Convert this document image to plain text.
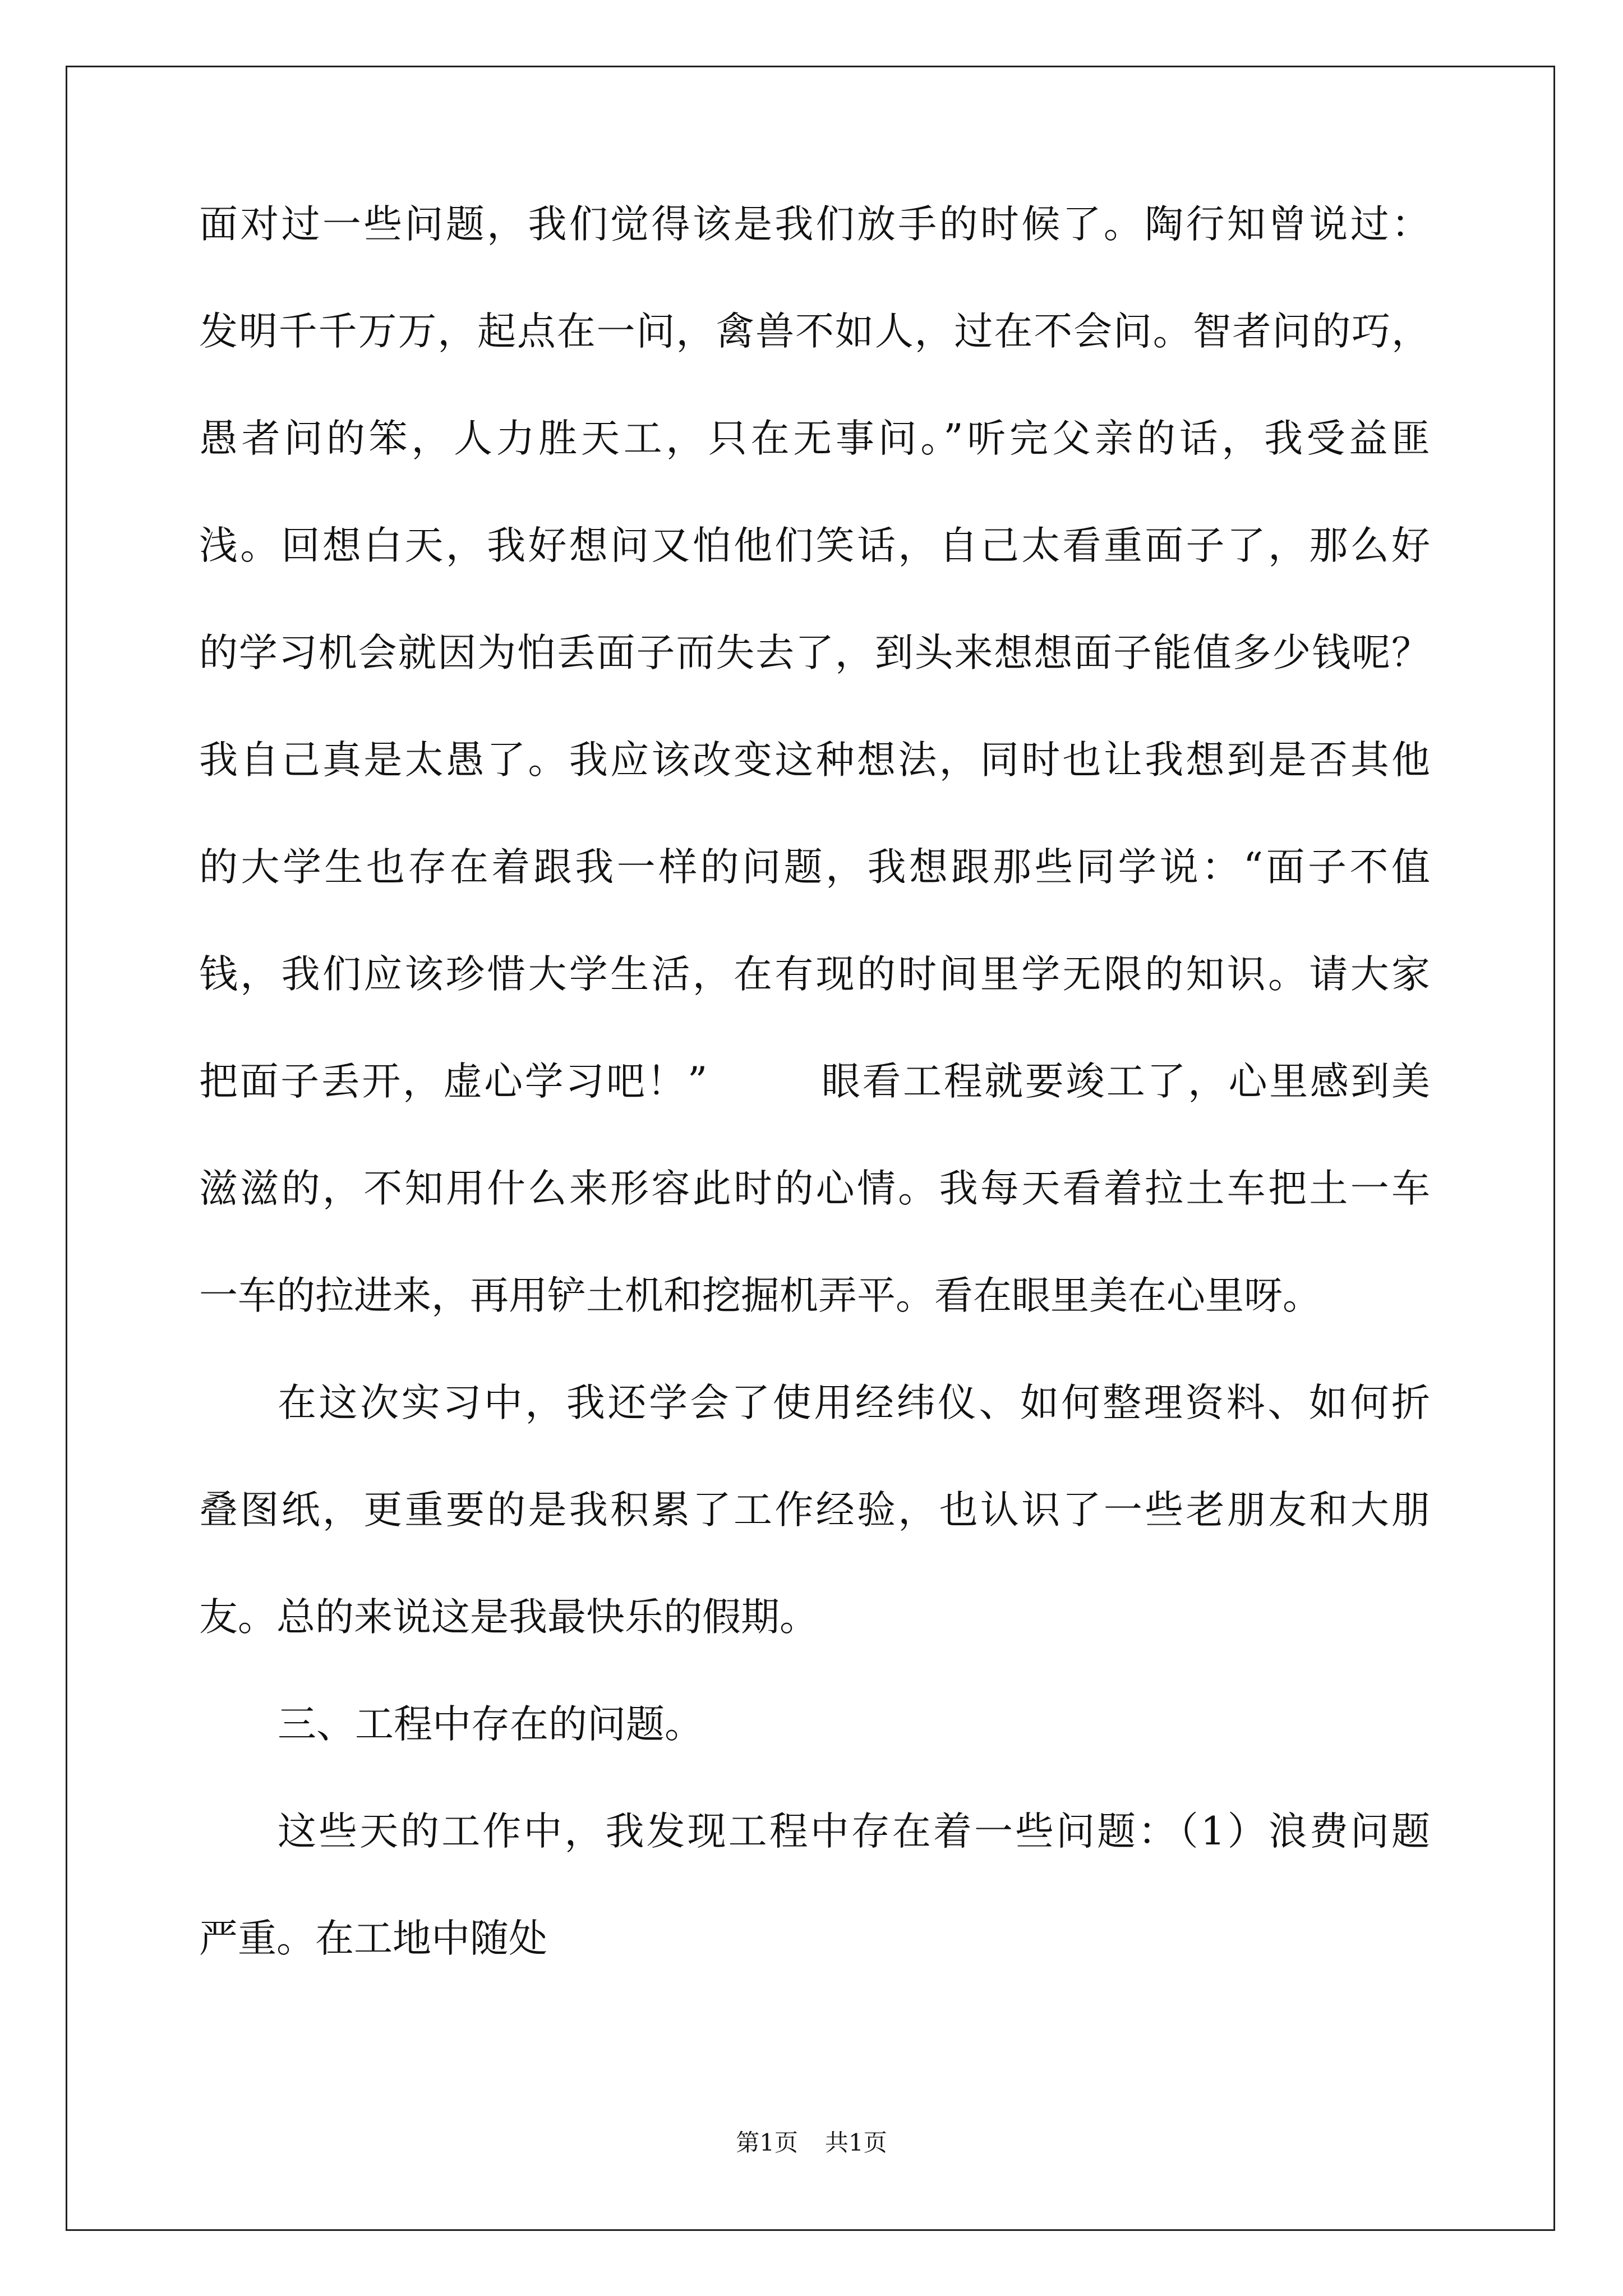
面对过一些问题，我们觉得该是我们放手的时候了。陶行知曾说过：
发明千千万万，起点在一问，禽兽不如人，过在不会问。智者问的巧，
愚者问的笨，人力胜天工，只在无事问。”听完父亲的话，我受益匪
浅。回想白天，我好想问又怕他们笑话，自己太看重面子了，那么好
的学习机会就因为怕丢面子而失去了，到头来想想面子能值多少钱呢？
我自己真是太愚了。我应该改变这种想法，同时也让我想到是否其他
的大学生也存在着跟我一样的问题，我想跟那些同学说：“面子不值
钱，我们应该珍惜大学生活，在有现的时间里学无限的知识。请大家
把面子丢开，虚心学习吧！”	眼看工程就要竣工了，心里感到美
滋滋的，不知用什么来形容此时的心情。我每天看着拉土车把土一车
一车的拉进来，再用铲土机和挖掘机弄平。看在眼里美在心里呀。
在这次实习中，我还学会了使用经纬仪、如何整理资料、如何折
叠图纸，更重要的是我积累了工作经验，也认识了一些老朋友和大朋
友。总的来说这是我最快乐的假期。
三、工程中存在的问题。
这些天的工作中，我发现工程中存在着一些问题：（1）浪费问题
严重。在工地中随处
第1页 共1页
